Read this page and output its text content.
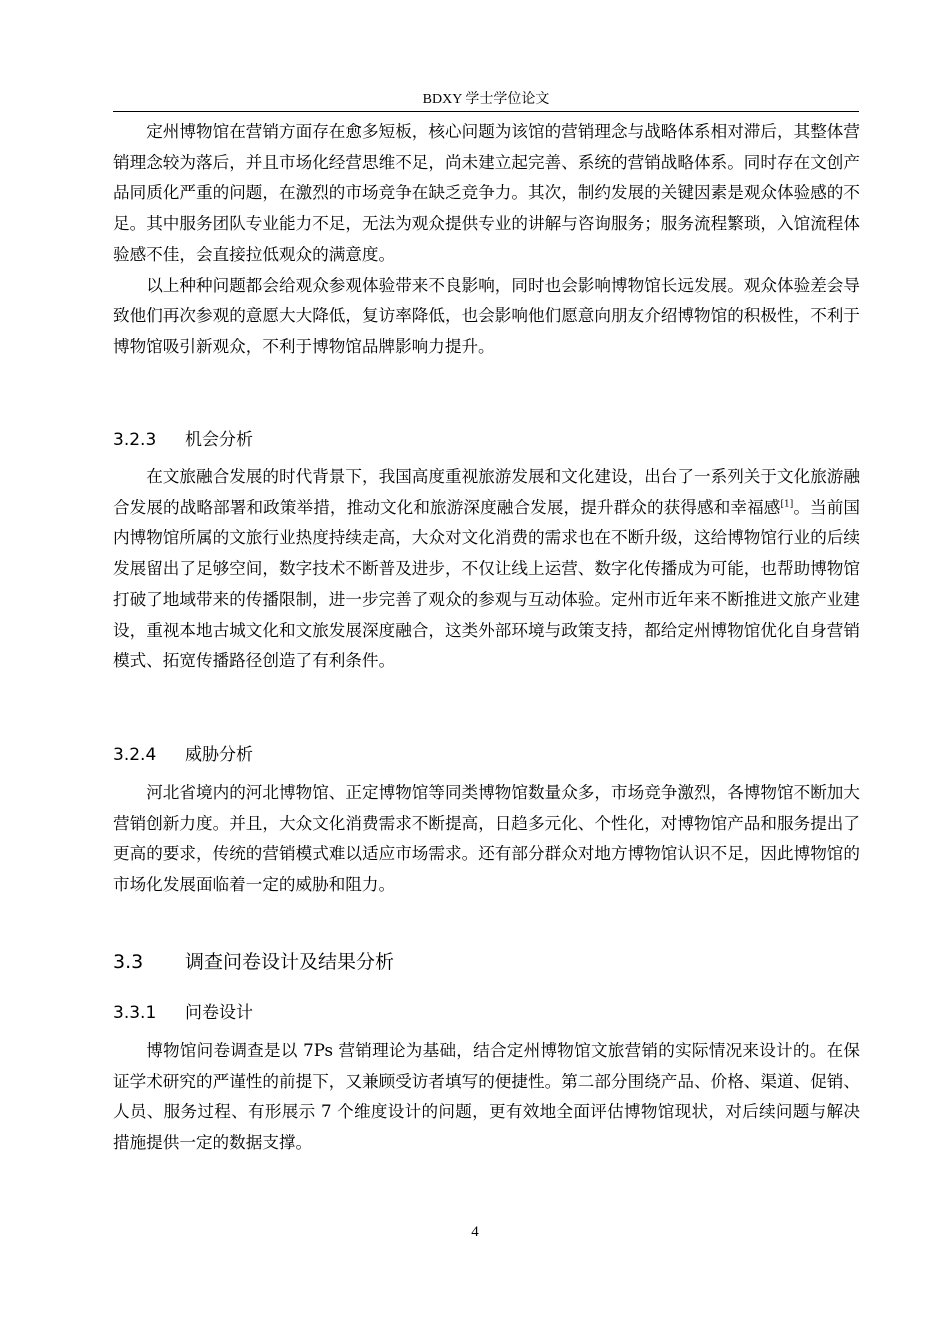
BDXY 学士学位论文

定州博物馆在营销方面存在愈多短板，核心问题为该馆的营销理念与战略体系相对滞后，其整体营销理念较为落后，并且市场化经营思维不足，尚未建立起完善、系统的营销战略体系。同时存在文创产品同质化严重的问题，在激烈的市场竞争在缺乏竞争力。其次，制约发展的关键因素是观众体验感的不足。其中服务团队专业能力不足，无法为观众提供专业的讲解与咨询服务；服务流程繁琐，入馆流程体验感不佳，会直接拉低观众的满意度。

以上种种问题都会给观众参观体验带来不良影响，同时也会影响博物馆长远发展。观众体验差会导致他们再次参观的意愿大大降低，复访率降低，也会影响他们愿意向朋友介绍博物馆的积极性，不利于博物馆吸引新观众，不利于博物馆品牌影响力提升。

3.2.3 机会分析

在文旅融合发展的时代背景下，我国高度重视旅游发展和文化建设，出台了一系列关于文化旅游融合发展的战略部署和政策举措，推动文化和旅游深度融合发展，提升群众的获得感和幸福感[1]。当前国内博物馆所属的文旅行业热度持续走高，大众对文化消费的需求也在不断升级，这给博物馆行业的后续发展留出了足够空间，数字技术不断普及进步，不仅让线上运营、数字化传播成为可能，也帮助博物馆打破了地域带来的传播限制，进一步完善了观众的参观与互动体验。定州市近年来不断推进文旅产业建设，重视本地古城文化和文旅发展深度融合，这类外部环境与政策支持，都给定州博物馆优化自身营销模式、拓宽传播路径创造了有利条件。

3.2.4 威胁分析

河北省境内的河北博物馆、正定博物馆等同类博物馆数量众多，市场竞争激烈，各博物馆不断加大营销创新力度。并且，大众文化消费需求不断提高，日趋多元化、个性化，对博物馆产品和服务提出了更高的要求，传统的营销模式难以适应市场需求。还有部分群众对地方博物馆认识不足，因此博物馆的市场化发展面临着一定的威胁和阻力。

3.3 调查问卷设计及结果分析
3.3.1 问卷设计

博物馆问卷调查是以 7Ps 营销理论为基础，结合定州博物馆文旅营销的实际情况来设计的。在保证学术研究的严谨性的前提下，又兼顾受访者填写的便捷性。第二部分围绕产品、价格、渠道、促销、人员、服务过程、有形展示 7 个维度设计的问题，更有效地全面评估博物馆现状，对后续问题与解决措施提供一定的数据支撑。

4
